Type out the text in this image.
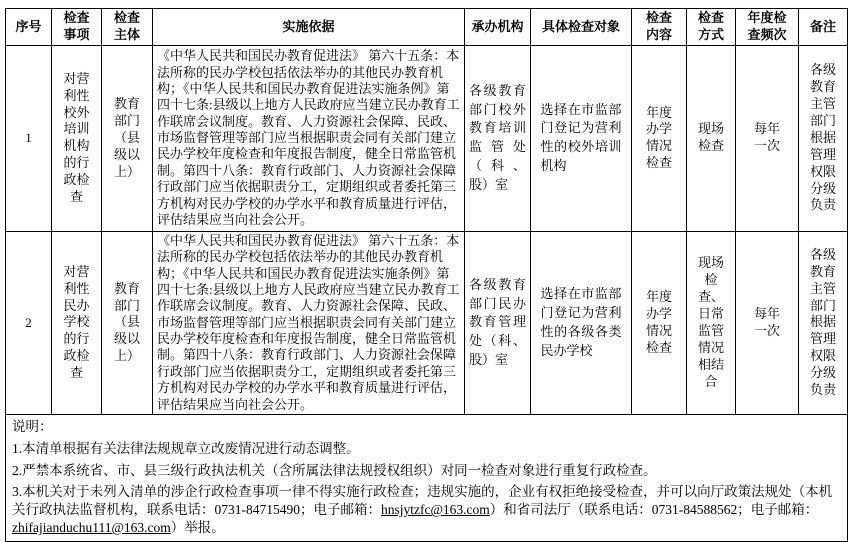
序号	检查事项	检查主体	实施依据	承办机构	具体检查对象	检查内容	检查方式	年度检查频次	备注

1	对营利性校外培训机构的行政检查	教育部门（县级以上）	《中华人民共和国民办教育促进法》 第六十五条：本法所称的民办学校包括依法举办的其他民办教育机构；《中华人民共和国民办教育促进法实施条例》第四十七条:县级以上地方人民政府应当建立民办教育工作联席会议制度。教育、人力资源社会保障、民政、市场监督管理等部门应当根据职责会同有关部门建立民办学校年度检查和年度报告制度，健全日常监管机制。第四十八条：教育行政部门、人力资源社会保障行政部门应当依据职责分工，定期组织或者委托第三方机构对民办学校的办学水平和教育质量进行评估，评估结果应当向社会公开。	各级教育部门校外教育培训监管处（科、股）室	选择在市监部门登记为营利性的校外培训机构	年度办学情况检查	现场检查	每年一次	各级教育主管部门根据管理权限分级负责

2	对营利性民办学校的行政检查	教育部门（县级以上）	《中华人民共和国民办教育促进法》 第六十五条：本法所称的民办学校包括依法举办的其他民办教育机构；《中华人民共和国民办教育促进法实施条例》第四十七条:县级以上地方人民政府应当建立民办教育工作联席会议制度。教育、人力资源社会保障、民政、市场监督管理等部门应当根据职责会同有关部门建立民办学校年度检查和年度报告制度，健全日常监管机制。第四十八条：教育行政部门、人力资源社会保障行政部门应当依据职责分工，定期组织或者委托第三方机构对民办学校的办学水平和教育质量进行评估，评估结果应当向社会公开。	各级教育部门民办教育管理处（科、股）室	选择在市监部门登记为营利性的各级各类民办学校	年度办学情况检查	现场检查、日常监管情况相结合	每年一次	各级教育主管部门根据管理权限分级负责

说明：
1.本清单根据有关法律法规规章立改废情况进行动态调整。
2.严禁本系统省、市、县三级行政执法机关（含所属法律法规授权组织）对同一检查对象进行重复行政检查。
3.本机关对于未列入清单的涉企行政检查事项一律不得实施行政检查；违规实施的，企业有权拒绝接受检查，并可以向厅政策法规处（本机关行政执法监督机构，联系电话：0731-84715490；电子邮箱：hnsjytzfc@163.com）和省司法厅（联系电话：0731-84588562；电子邮箱：zhifajianduchu111@163.com）举报。									
